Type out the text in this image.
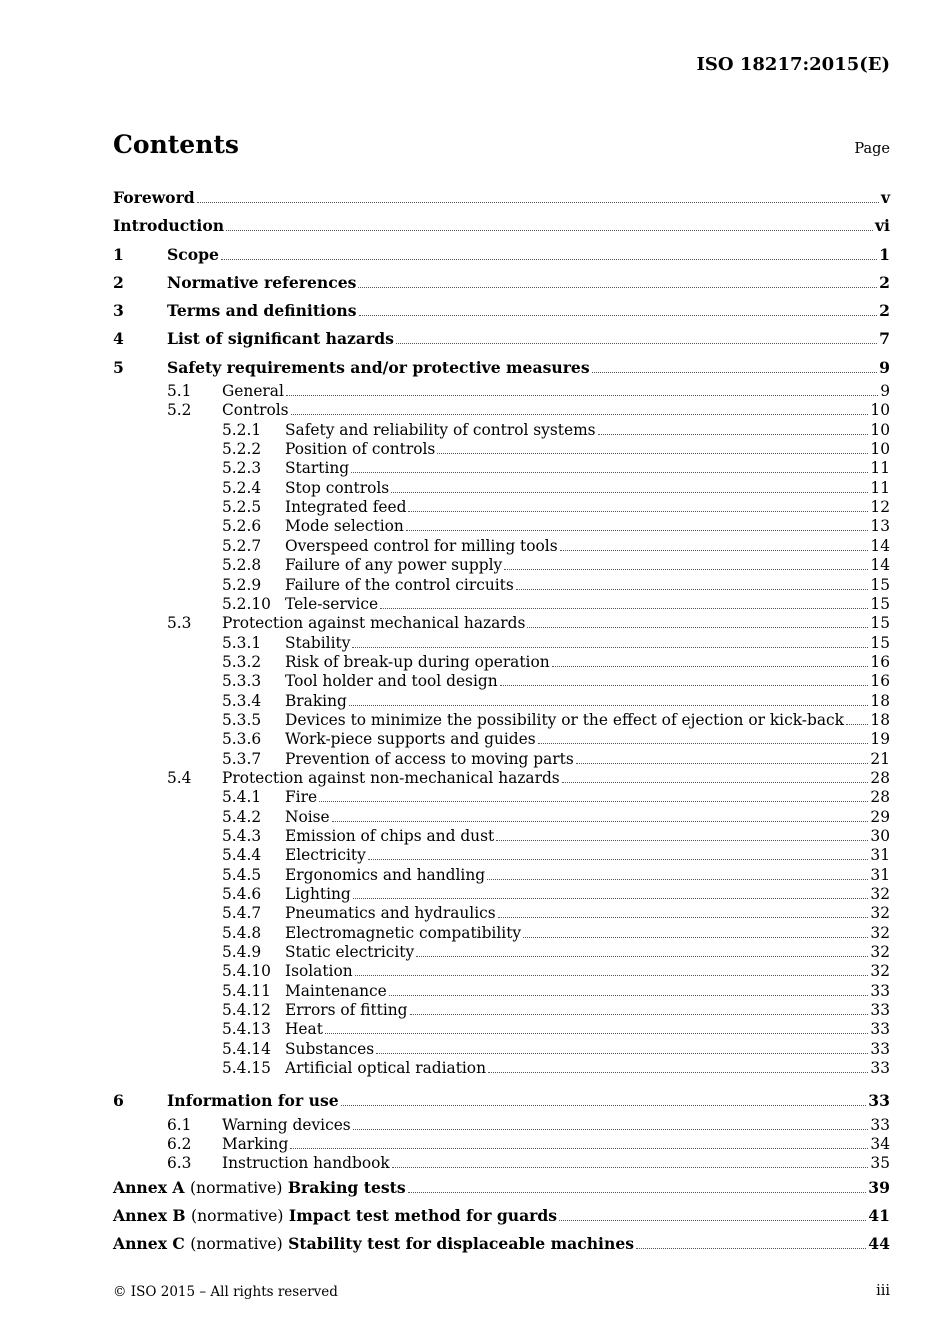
ISO 18217:2015(E)
Contents	Page
Foreword	v
Introduction	vi
1	Scope	1
2	Normative references	2
3	Terms and definitions	2
4	List of significant hazards	7
5	Safety requirements and/or protective measures	9
5.1	General	9
5.2	Controls	10
5.2.1	Safety and reliability of control systems	10
5.2.2	Position of controls	10
5.2.3	Starting	11
5.2.4	Stop controls	11
5.2.5	Integrated feed	12
5.2.6	Mode selection	13
5.2.7	Overspeed control for milling tools	14
5.2.8	Failure of any power supply	14
5.2.9	Failure of the control circuits	15
5.2.10 Tele-service	15
5.3	Protection against mechanical hazards	15
5.3.1	Stability	15
5.3.2	Risk of break-up during operation	16
5.3.3	Tool holder and tool design	16
5.3.4	Braking	18
5.3.5	Devices to minimize the possibility or the effect of ejection or kick-back 18
5.3.6	Work-piece supports and guides	19
5.3.7	Prevention of access to moving parts	21
5.4	Protection against non-mechanical hazards	28
5.4.1	Fire	28
5.4.2	Noise	29
5.4.3	Emission of chips and dust	30
5.4.4	Electricity	31
5.4.5	Ergonomics and handling	31
5.4.6	Lighting	32
5.4.7	Pneumatics and hydraulics	32
5.4.8	Electromagnetic compatibility	32
5.4.9	Static electricity	32
5.4.10 Isolation	32
5.4.11 Maintenance	33
5.4.12 Errors of fitting	33
5.4.13 Heat	33
5.4.14 Substances	33
5.4.15 Artificial optical radiation	33
6	Information for use	33
6.1	Warning devices	33
6.2	Marking	34
6.3	Instruction handbook	35
Annex A (normative) Braking tests	39
Annex B (normative) Impact test method for guards	41
Annex C (normative) Stability test for displaceable machines	44
© ISO 2015 – All rights reserved	iii
